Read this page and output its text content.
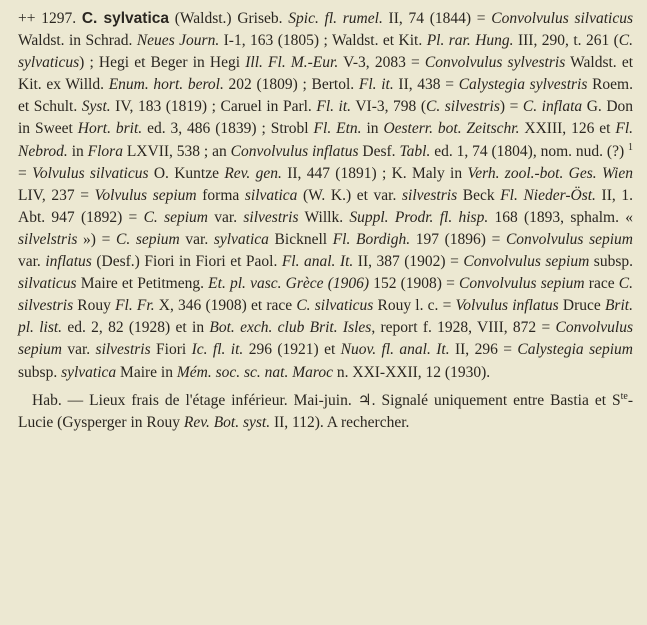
++ 1297. C. sylvatica (Waldst.) Griseb. Spic. fl. rumel. II, 74 (1844) = Convolvulus silvaticus Waldst. in Schrad. Neues Journ. I-1, 163 (1805) ; Waldst. et Kit. Pl. rar. Hung. III, 290, t. 261 (C. sylvaticus) ; Hegi et Beger in Hegi Ill. Fl. M.-Eur. V-3, 2083 = Convolvulus sylvestris Waldst. et Kit. ex Willd. Enum. hort. berol. 202 (1809) ; Bertol. Fl. it. II, 438 = Calystegia sylvestris Roem. et Schult. Syst. IV, 183 (1819) ; Caruel in Parl. Fl. it. VI-3, 798 (C. silvestris) = C. inflata G. Don in Sweet Hort. brit. ed. 3, 486 (1839) ; Strobl Fl. Etn. in Oesterr. bot. Zeitschr. XXIII, 126 et Fl. Nebrod. in Flora LXVII, 538 ; an Convolvulus inflatus Desf. Tabl. ed. 1, 74 (1804), nom. nud. (?) $^1$ = Volvulus silvaticus O. Kuntze Rev. gen. II, 447 (1891) ; K. Maly in Verh. zool.-bot. Ges. Wien LIV, 237 = Volvulus sepium forma silvatica (W. K.) et var. silvestris Beck Fl. Nieder-Öst. II, 1. Abt. 947 (1892) = C. sepium var. silvestris Willk. Suppl. Prodr. fl. hisp. 168 (1893, sphalm. « silvelstris ») = C. sepium var. sylvatica Bicknell Fl. Bordigh. 197 (1896) = Convolvulus sepium var. inflatus (Desf.) Fiori in Fiori et Paol. Fl. anal. It. II, 387 (1902) = Convolvulus sepium subsp. silvaticus Maire et Petitmeng. Et. pl. vasc. Grèce (1906) 152 (1908) = Convolvulus sepium race C. silvestris Rouy Fl. Fr. X, 346 (1908) et race C. silvaticus Rouy l. c. = Volvulus inflatus Druce Brit. pl. list. ed. 2, 82 (1928) et in Bot. exch. club Brit. Isles, report f. 1928, VIII, 872 = Convolvulus sepium var. silvestris Fiori Ic. fl. it. 296 (1921) et Nuov. fl. anal. It. II, 296 = Calystegia sepium subsp. sylvatica Maire in Mém. soc. sc. nat. Maroc n. XXI-XXII, 12 (1930).

Hab. — Lieux frais de l'étage inférieur. Mai-juin. ♃. Signalé uniquement entre Bastia et $S^{te}$-Lucie (Gysperger in Rouy Rev. Bot. syst. II, 112). A rechercher.
